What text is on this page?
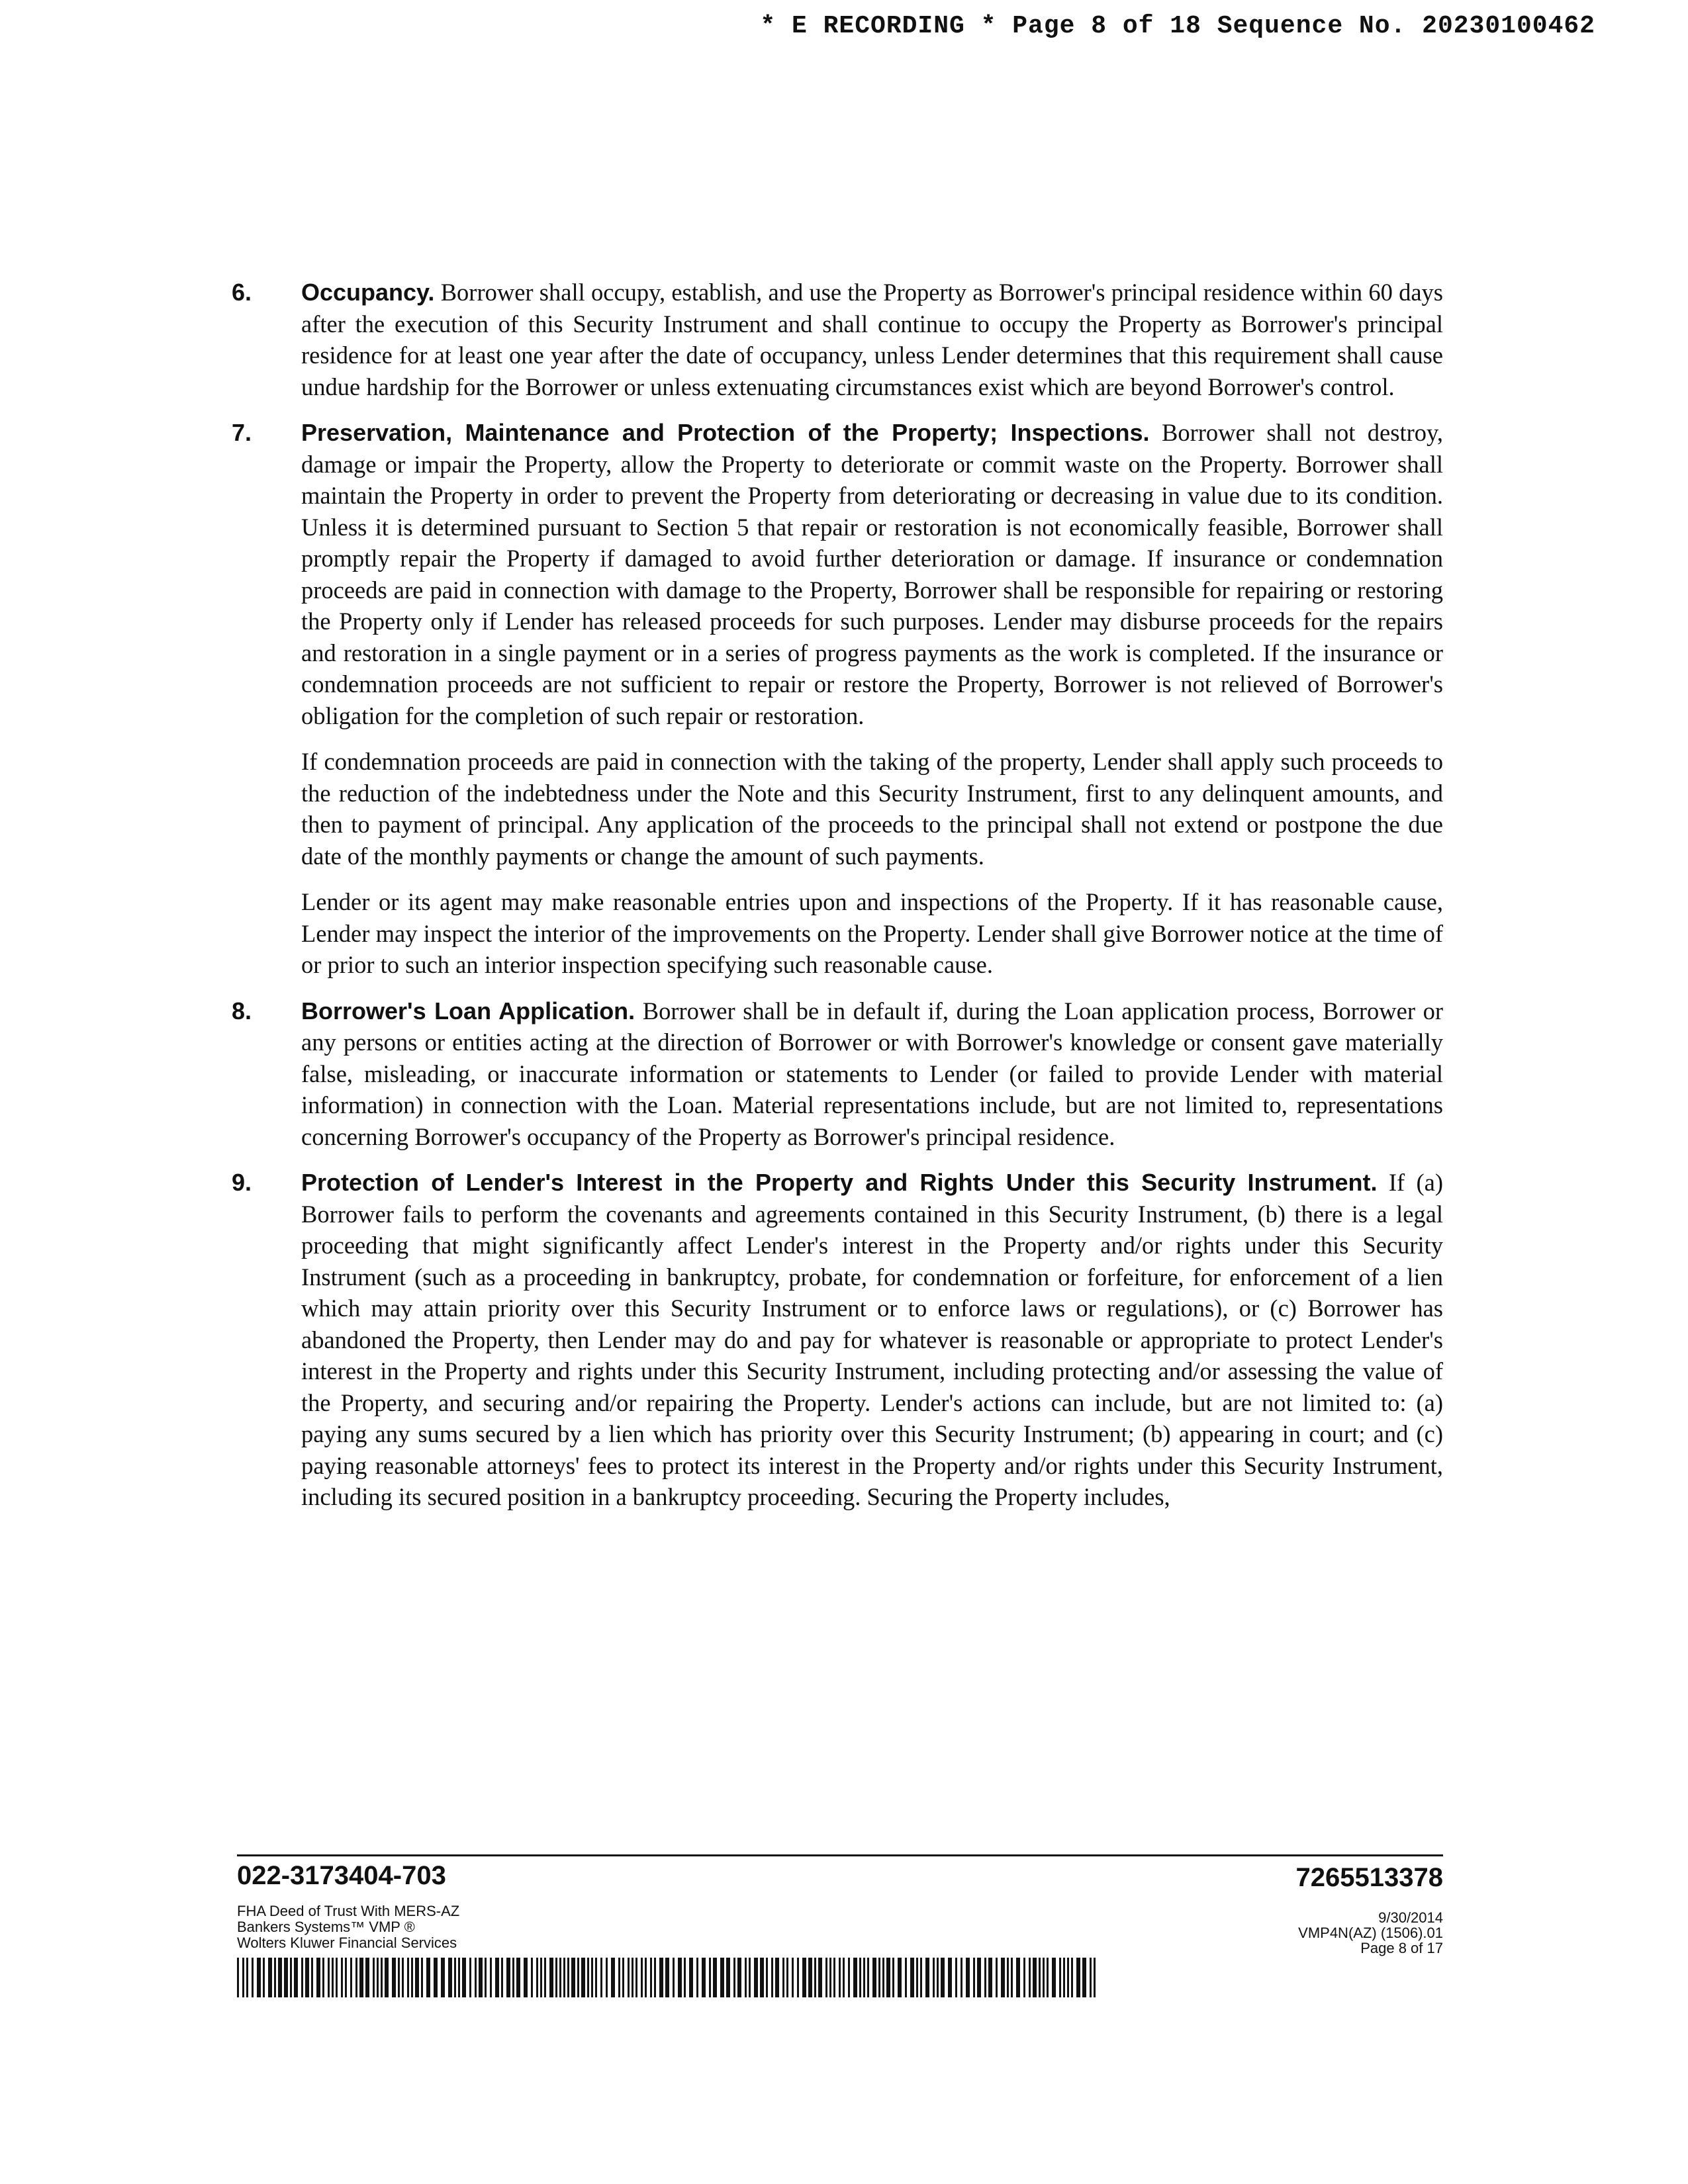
* E RECORDING * Page 8 of 18 Sequence No. 20230100462
6. Occupancy. Borrower shall occupy, establish, and use the Property as Borrower's principal residence within 60 days after the execution of this Security Instrument and shall continue to occupy the Property as Borrower's principal residence for at least one year after the date of occupancy, unless Lender determines that this requirement shall cause undue hardship for the Borrower or unless extenuating circumstances exist which are beyond Borrower's control.

7. Preservation, Maintenance and Protection of the Property; Inspections. Borrower shall not destroy, damage or impair the Property, allow the Property to deteriorate or commit waste on the Property. Borrower shall maintain the Property in order to prevent the Property from deteriorating or decreasing in value due to its condition. Unless it is determined pursuant to Section 5 that repair or restoration is not economically feasible, Borrower shall promptly repair the Property if damaged to avoid further deterioration or damage. If insurance or condemnation proceeds are paid in connection with damage to the Property, Borrower shall be responsible for repairing or restoring the Property only if Lender has released proceeds for such purposes. Lender may disburse proceeds for the repairs and restoration in a single payment or in a series of progress payments as the work is completed. If the insurance or condemnation proceeds are not sufficient to repair or restore the Property, Borrower is not relieved of Borrower's obligation for the completion of such repair or restoration.

If condemnation proceeds are paid in connection with the taking of the property, Lender shall apply such proceeds to the reduction of the indebtedness under the Note and this Security Instrument, first to any delinquent amounts, and then to payment of principal. Any application of the proceeds to the principal shall not extend or postpone the due date of the monthly payments or change the amount of such payments.

Lender or its agent may make reasonable entries upon and inspections of the Property. If it has reasonable cause, Lender may inspect the interior of the improvements on the Property. Lender shall give Borrower notice at the time of or prior to such an interior inspection specifying such reasonable cause.

8. Borrower's Loan Application. Borrower shall be in default if, during the Loan application process, Borrower or any persons or entities acting at the direction of Borrower or with Borrower's knowledge or consent gave materially false, misleading, or inaccurate information or statements to Lender (or failed to provide Lender with material information) in connection with the Loan. Material representations include, but are not limited to, representations concerning Borrower's occupancy of the Property as Borrower's principal residence.

9. Protection of Lender's Interest in the Property and Rights Under this Security Instrument. If (a) Borrower fails to perform the covenants and agreements contained in this Security Instrument, (b) there is a legal proceeding that might significantly affect Lender's interest in the Property and/or rights under this Security Instrument (such as a proceeding in bankruptcy, probate, for condemnation or forfeiture, for enforcement of a lien which may attain priority over this Security Instrument or to enforce laws or regulations), or (c) Borrower has abandoned the Property, then Lender may do and pay for whatever is reasonable or appropriate to protect Lender's interest in the Property and rights under this Security Instrument, including protecting and/or assessing the value of the Property, and securing and/or repairing the Property. Lender's actions can include, but are not limited to: (a) paying any sums secured by a lien which has priority over this Security Instrument; (b) appearing in court; and (c) paying reasonable attorneys' fees to protect its interest in the Property and/or rights under this Security Instrument, including its secured position in a bankruptcy proceeding. Securing the Property includes,

022-3173404-703	7265513378
FHA Deed of Trust With MERS-AZ
Bankers Systems™ VMP ®
Wolters Kluwer Financial Services
9/30/2014
VMP4N(AZ) (1506).01
Page 8 of 17
